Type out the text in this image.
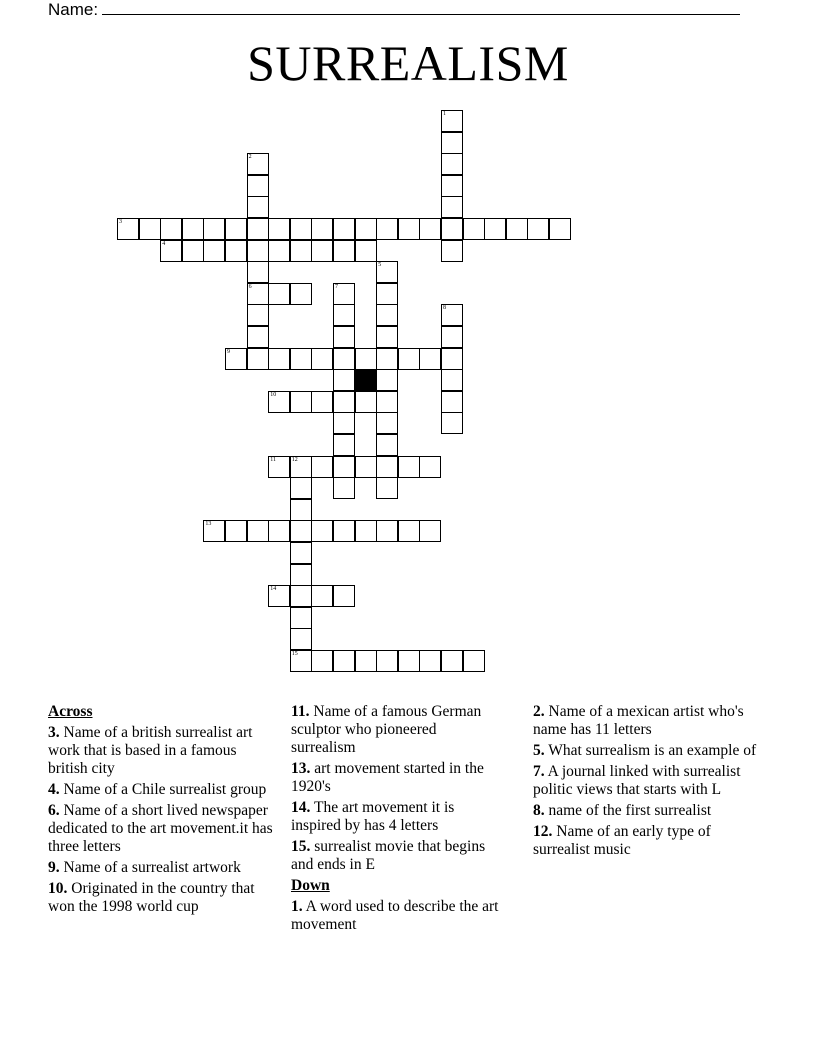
Name:
SURREALISM
1
2
3
4
5
6	7
8
9
10
11	12
13
14
15
Across
3. Name of a british surrealist art work that is based in a famous british city
4. Name of a Chile surrealist group
6. Name of a short lived newspaper dedicated to the art movement.it has three letters
9. Name of a surrealist artwork
10. Originated in the country that won the 1998 world cup
11. Name of a famous German sculptor who pioneered surrealism
13. art movement started in the 1920's
14. The art movement it is inspired by has 4 letters
15. surrealist movie that begins and ends in E
Down
1. A word used to describe the art movement
2. Name of a mexican artist who's name has 11 letters
5. What surrealism is an example of
7. A journal linked with surrealist politic views that starts with L
8. name of the first surrealist
12. Name of an early type of surrealist music
